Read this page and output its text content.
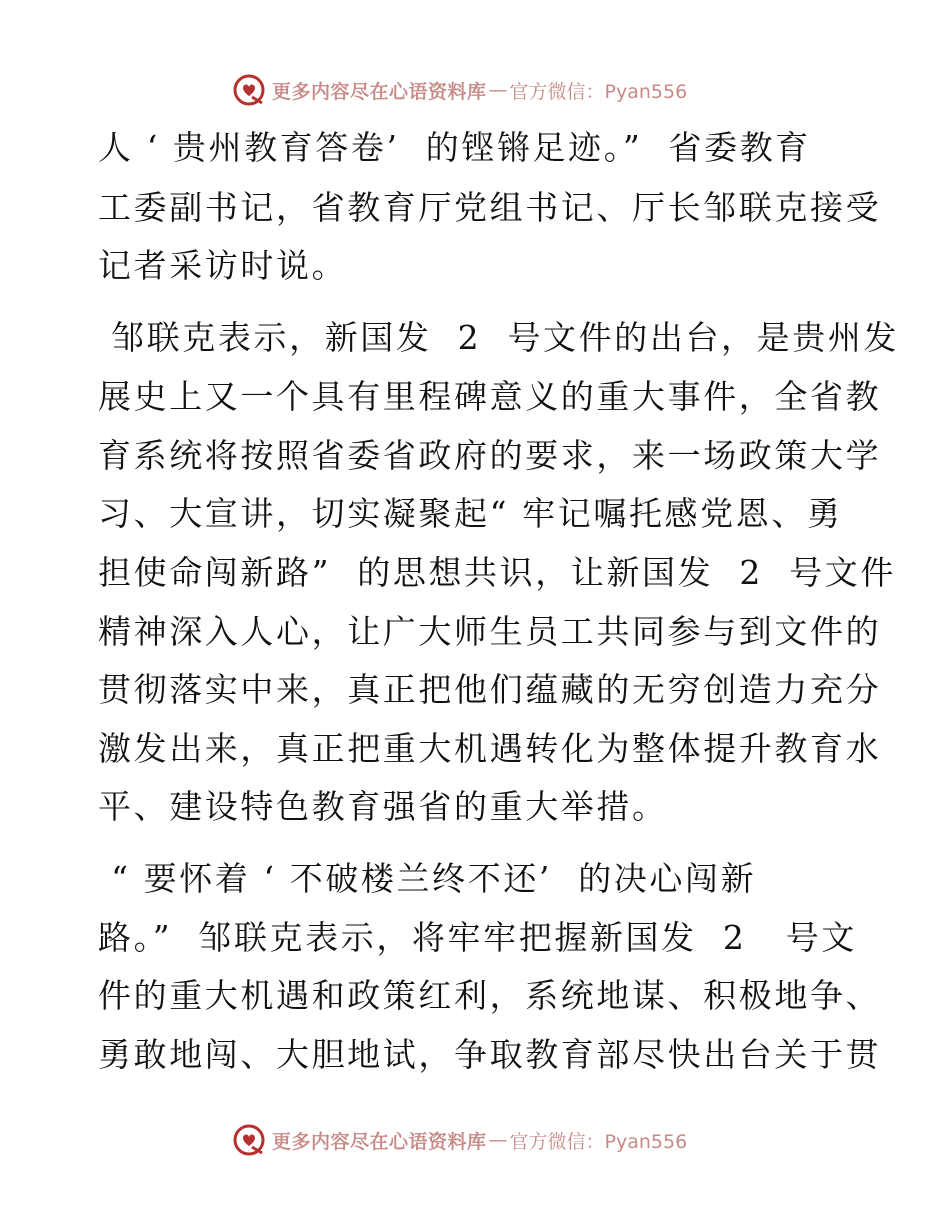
更多内容尽在心语资料库 — 官方微信：Pyan556
人 ‘ 贵州教育答卷’  的铿锵足迹。”  省委教育
工委副书记，省教育厅党组书记、厅长邹联克接受
记者采访时说。
邹联克表示，新国发  2  号文件的出台，是贵州发
展史上又一个具有里程碑意义的重大事件，全省教
育系统将按照省委省政府的要求，来一场政策大学
习、大宣讲，切实凝聚起“ 牢记嘱托感党恩、勇
担使命闯新路”  的思想共识，让新国发  2  号文件
精神深入人心，让广大师生员工共同参与到文件的
贯彻落实中来，真正把他们蕴藏的无穷创造力充分
激发出来，真正把重大机遇转化为整体提升教育水
平、建设特色教育强省的重大举措。
“ 要怀着 ‘ 不破楼兰终不还’  的决心闯新
路。”  邹联克表示，将牢牢把握新国发  2   号文
件的重大机遇和政策红利，系统地谋、积极地争、
勇敢地闯、大胆地试，争取教育部尽快出台关于贯
更多内容尽在心语资料库 — 官方微信：Pyan556
